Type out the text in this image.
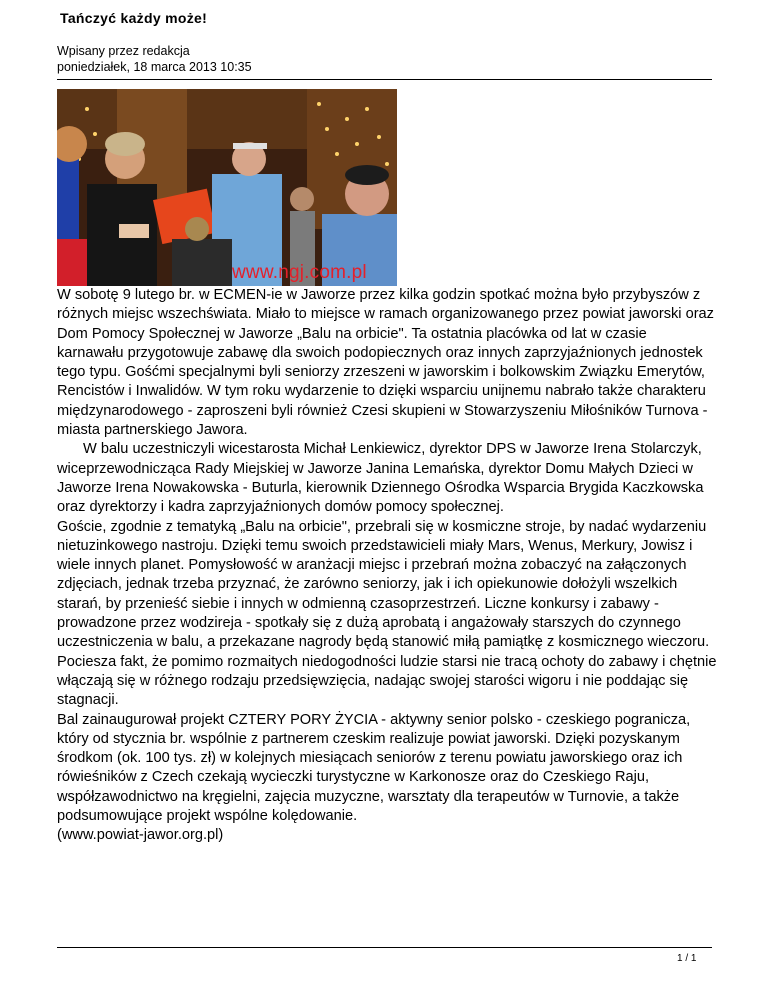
Tańczyć każdy może!
Wpisany przez redakcja
poniedziałek, 18 marca 2013 10:35
www.ngj.com.pl

W sobotę 9 lutego br. w ECMEN-ie w Jaworze przez kilka godzin spotkać można było przybyszów z różnych miejsc wszechświata. Miało to miejsce w ramach organizowanego przez powiat jaworski oraz Dom Pomocy Społecznej w Jaworze „Balu na orbicie". Ta ostatnia placówka od lat w czasie karnawału przygotowuje zabawę dla swoich podopiecznych oraz innych zaprzyjaźnionych jednostek tego typu. Gośćmi specjalnymi byli seniorzy zrzeszeni w jaworskim i bolkowskim Związku Emerytów, Rencistów i Inwalidów. W tym roku wydarzenie to dzięki wsparciu unijnemu nabrało także charakteru międzynarodowego - zaproszeni byli również Czesi skupieni w Stowarzyszeniu Miłośników Turnova - miasta partnerskiego Jawora.

W balu uczestniczyli wicestarosta Michał Lenkiewicz, dyrektor DPS w Jaworze Irena Stolarczyk, wiceprzewodnicząca Rady Miejskiej w Jaworze Janina Lemańska, dyrektor Domu Małych Dzieci w Jaworze Irena Nowakowska - Buturla, kierownik Dziennego Ośrodka Wsparcia Brygida Kaczkowska oraz dyrektorzy i kadra zaprzyjaźnionych domów pomocy społecznej.

Goście, zgodnie z tematyką „Balu na orbicie", przebrali się w kosmiczne stroje, by nadać wydarzeniu nietuzinkowego nastroju. Dzięki temu swoich przedstawicieli miały Mars, Wenus, Merkury, Jowisz i wiele innych planet. Pomysłowość w aranżacji miejsc i przebrań można zobaczyć na załączonych zdjęciach, jednak trzeba przyznać, że zarówno seniorzy, jak i ich opiekunowie dołożyli wszelkich starań, by przenieść siebie i innych w odmienną czasoprzestrzeń. Liczne konkursy i zabawy - prowadzone przez wodzireja - spotkały się z dużą aprobatą i angażowały starszych do czynnego uczestniczenia w balu, a przekazane nagrody będą stanowić miłą pamiątkę z kosmicznego wieczoru.

Pociesza fakt, że pomimo rozmaitych niedogodności ludzie starsi nie tracą ochoty do zabawy i chętnie włączają się w różnego rodzaju przedsięwzięcia, nadając swojej starości wigoru i nie poddając się stagnacji.

Bal zainaugurował projekt CZTERY PORY ŻYCIA - aktywny senior polsko - czeskiego pogranicza, który od stycznia br. wspólnie z partnerem czeskim realizuje powiat jaworski. Dzięki pozyskanym środkom (ok. 100 tys. zł) w kolejnych miesiącach seniorów z terenu powiatu jaworskiego oraz ich rówieśników z Czech czekają wycieczki turystyczne w Karkonosze oraz do Czeskiego Raju, współzawodnictwo na kręgielni, zajęcia muzyczne, warsztaty dla terapeutów w Turnovie, a także podsumowujące projekt wspólne kolędowanie.

(www.powiat-jawor.org.pl)

1 / 1
